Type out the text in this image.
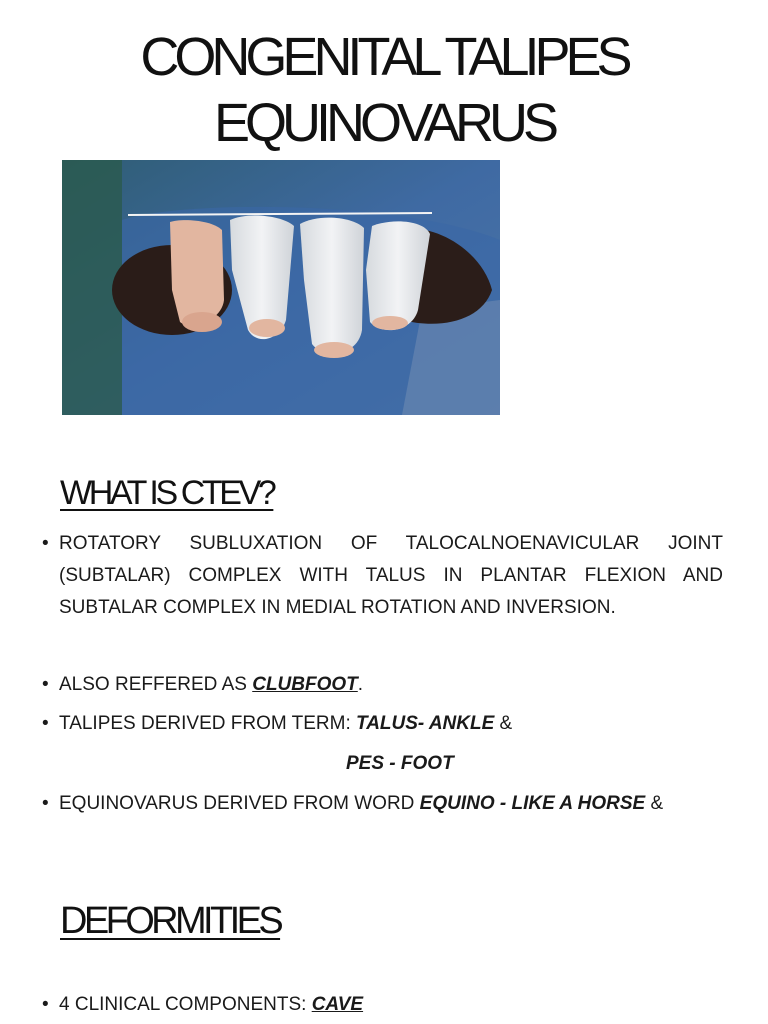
CONGENITAL TALIPES
EQUINOVARUS
WHAT IS CTEV?

• ROTATORY SUBLUXATION OF TALOCALNOENAVICULAR JOINT (SUBTALAR) COMPLEX WITH TALUS IN PLANTAR FLEXION AND SUBTALAR COMPLEX IN MEDIAL ROTATION AND INVERSION.

• ALSO REFFERED AS CLUBFOOT.

• TALIPES DERIVED FROM TERM: TALUS- ANKLE &

PES - FOOT

• EQUINOVARUS DERIVED FROM WORD EQUINO - LIKE A HORSE &

DEFORMITIES

• 4 CLINICAL COMPONENTS: CAVE
